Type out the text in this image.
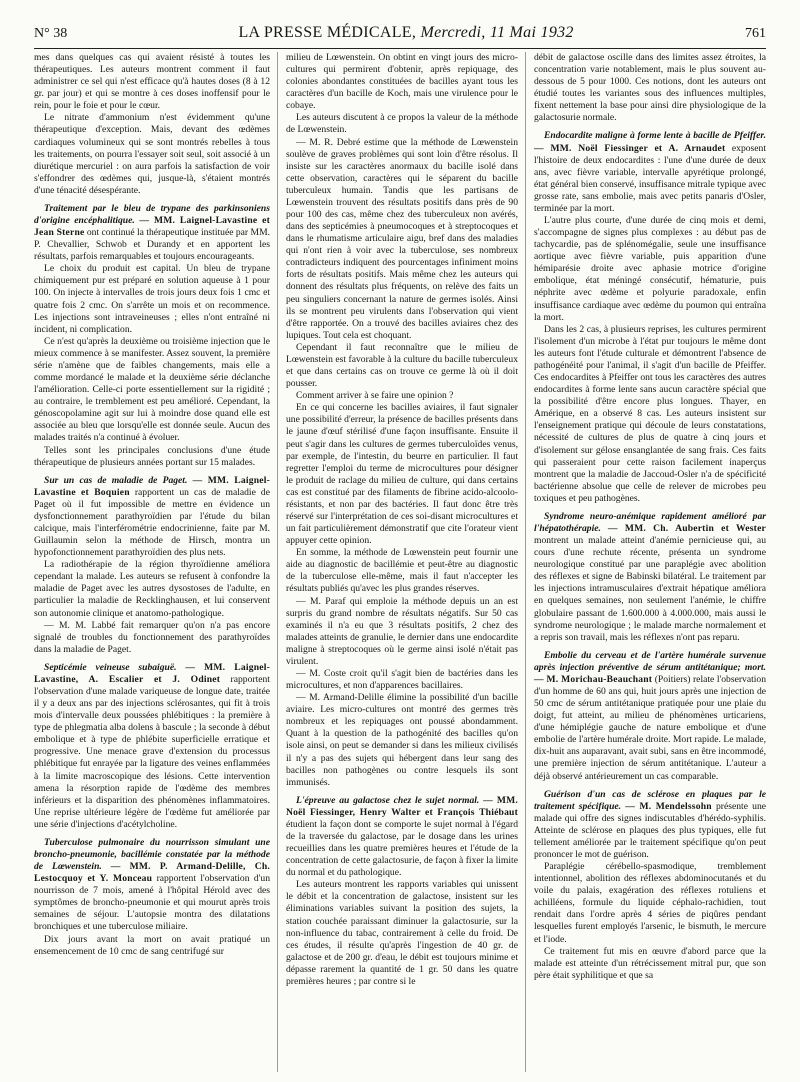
N° 38	LA PRESSE MÉDICALE, Mercredi, 11 Mai 1932	761

mes dans quelques cas qui avaient résisté à toutes les thérapeutiques. Les auteurs montrent comment il faut administrer ce sel qui n'est efficace qu'à hautes doses (8 à 12 gr. par jour) et qui se montre à ces doses inoffensif pour le rein, pour le foie et pour le cœur.

Le nitrate d'ammonium n'est évidemment qu'une thérapeutique d'exception. Mais, devant des œdèmes cardiaques volumineux qui se sont montrés rebelles à tous les traitements, on pourra l'essayer soit seul, soit associé à un diurétique mercuriel : on aura parfois la satisfaction de voir s'effondrer des œdèmes qui, jusque-là, s'étaient montrés d'une ténacité désespérante.

Traitement par le bleu de trypane des parkinsoniens d'origine encéphalitique. — MM. Laignel-Lavastine et Jean Sterne ont continué la thérapeutique instituée par MM. P. Chevallier, Schwob et Durandy et en apportent les résultats, parfois remarquables et toujours encourageants.

Le choix du produit est capital. Un bleu de trypane chimiquement pur est préparé en solution aqueuse à 1 pour 100. On injecte à intervalles de trois jours deux fois 1 cmc et quatre fois 2 cmc. On s'arrête un mois et on recommence. Les injections sont intraveineuses ; elles n'ont entraîné ni incident, ni complication.

Ce n'est qu'après la deuxième ou troisième injection que le mieux commence à se manifester. Assez souvent, la première série n'amène que de faibles changements, mais elle a comme mordancé le malade et la deuxième série déclanche l'amélioration. Celle-ci porte essentiellement sur la rigidité ; au contraire, le tremblement est peu amélioré. Cependant, la génoscopolamine agit sur lui à moindre dose quand elle est associée au bleu que lorsqu'elle est donnée seule. Aucun des malades traités n'a continué à évoluer.

Telles sont les principales conclusions d'une étude thérapeutique de plusieurs années portant sur 15 malades.

Sur un cas de maladie de Paget. — MM. Laignel-Lavastine et Boquien rapportent un cas de maladie de Paget où il fut impossible de mettre en évidence un dysfonctionnement parathyroïdien par l'étude du bilan calcique, mais l'interférométrie endocrinienne, faite par M. Guillaumin selon la méthode de Hirsch, montra un hypofonctionnement parathyroïdien des plus nets.

La radiothérapie de la région thyroïdienne améliora cependant la malade. Les auteurs se refusent à confondre la maladie de Paget avec les autres dysostoses de l'adulte, en particulier la maladie de Recklinghausen, et lui conservent son autonomie clinique et anatomo-pathologique.

— M. M. Labbé fait remarquer qu'on n'a pas encore signalé de troubles du fonctionnement des parathyroïdes dans la maladie de Paget.

Septicémie veineuse subaiguë. — MM. Laignel-Lavastine, A. Escalier et J. Odinet rapportent l'observation d'une malade variqueuse de longue date, traitée il y a deux ans par des injections sclérosantes, qui fit à trois mois d'intervalle deux poussées phlébitiques : la première à type de phlegmatia alba dolens à bascule ; la seconde à début embolique et à type de phlébite superficielle erratique et progressive. Une menace grave d'extension du processus phlébitique fut enrayée par la ligature des veines enflammées à la limite macroscopique des lésions. Cette intervention amena la résorption rapide de l'œdème des membres inférieurs et la disparition des phénomènes inflammatoires. Une reprise ultérieure légère de l'œdème fut améliorée par une série d'injections d'acétylcholine.

Tuberculose pulmonaire du nourrisson simulant une broncho-pneumonie, bacillémie constatée par la méthode de Lœwenstein. — MM. P. Armand-Delille, Ch. Lestocquoy et Y. Monceau rapportent l'observation d'un nourrisson de 7 mois, amené à l'hôpital Hérold avec des symptômes de broncho-pneumonie et qui mourut après trois semaines de séjour. L'autopsie montra des dilatations bronchiques et une tuberculose miliaire.

Dix jours avant la mort on avait pratiqué un ensemencement de 10 cmc de sang centrifugé sur

milieu de Lœwenstein. On obtint en vingt jours des micro-cultures qui permirent d'obtenir, après repiquage, des colonies abondantes constituées de bacilles ayant tous les caractères d'un bacille de Koch, mais une virulence pour le cobaye.

Les auteurs discutent à ce propos la valeur de la méthode de Lœwenstein.

— M. R. Debré estime que la méthode de Lœwenstein soulève de graves problèmes qui sont loin d'être résolus. Il insiste sur les caractères anormaux du bacille isolé dans cette observation, caractères qui le séparent du bacille tuberculeux humain. Tandis que les partisans de Lœwenstein trouvent des résultats positifs dans près de 90 pour 100 des cas, même chez des tuberculeux non avérés, dans des septicémies à pneumocoques et à streptocoques et dans le rhumatisme articulaire aigu, bref dans des maladies qui n'ont rien à voir avec la tuberculose, ses nombreux contradicteurs indiquent des pourcentages infiniment moins forts de résultats positifs. Mais même chez les auteurs qui donnent des résultats plus fréquents, on relève des faits un peu singuliers concernant la nature de germes isolés. Ainsi ils se montrent peu virulents dans l'observation qui vient d'être rapportée. On a trouvé des bacilles aviaires chez des lupiques. Tout cela est choquant.

Cependant il faut reconnaître que le milieu de Lœwenstein est favorable à la culture du bacille tuberculeux et que dans certains cas on trouve ce germe là où il doit pousser.

Comment arriver à se faire une opinion ?

En ce qui concerne les bacilles aviaires, il faut signaler une possibilité d'erreur, la présence de bacilles présents dans le jaune d'œuf stérilisé d'une façon insuffisante. Ensuite il peut s'agir dans les cultures de germes tuberculoïdes venus, par exemple, de l'intestin, du beurre en particulier. Il faut regretter l'emploi du terme de microcultures pour désigner le produit de raclage du milieu de culture, qui dans certains cas est constitué par des filaments de fibrine acido-alcoolo-résistants, et non par des bactéries. Il faut donc être très réservé sur l'interprétation de ces soi-disant microcultures et un fait particulièrement démonstratif que cite l'orateur vient appuyer cette opinion.

En somme, la méthode de Lœwenstein peut fournir une aide au diagnostic de bacillémie et peut-être au diagnostic de la tuberculose elle-même, mais il faut n'accepter les résultats publiés qu'avec les plus grandes réserves.

— M. Paraf qui emploie la méthode depuis un an est surpris du grand nombre de résultats négatifs. Sur 50 cas examinés il n'a eu que 3 résultats positifs, 2 chez des malades atteints de granulie, le dernier dans une endocardite maligne à streptocoques où le germe ainsi isolé n'était pas virulent.

— M. Coste croit qu'il s'agit bien de bactéries dans les microcultures, et non d'apparences bacillaires.

— M. Armand-Delille élimine la possibilité d'un bacille aviaire. Les micro-cultures ont montré des germes très nombreux et les repiquages ont poussé abondamment. Quant à la question de la pathogénité des bacilles qu'on isole ainsi, on peut se demander si dans les milieux civilisés il n'y a pas des sujets qui hébergent dans leur sang des bacilles non pathogènes ou contre lesquels ils sont immunisés.

L'épreuve au galactose chez le sujet normal. — MM. Noël Fiessinger, Henry Walter et François Thiébaut étudient la façon dont se comporte le sujet normal à l'égard de la traversée du galactose, par le dosage dans les urines recueillies dans les quatre premières heures et l'étude de la concentration de cette galactosurie, de façon à fixer la limite du normal et du pathologique.

Les auteurs montrent les rapports variables qui unissent le débit et la concentration de galactose, insistent sur les éliminations variables suivant la position des sujets, la station couchée paraissant diminuer la galactosurie, sur la non-influence du tabac, contrairement à celle du froid. De ces études, il résulte qu'après l'ingestion de 40 gr. de galactose et de 200 gr. d'eau, le débit est toujours minime et dépasse rarement la quantité de 1 gr. 50 dans les quatre premières heures ; par contre si le

débit de galactose oscille dans des limites assez étroites, la concentration varie notablement, mais le plus souvent au-dessous de 5 pour 1000. Ces notions, dont les auteurs ont étudié toutes les variantes sous des influences multiples, fixent nettement la base pour ainsi dire physiologique de la galactosurie normale.

Endocardite maligne à forme lente à bacille de Pfeiffer. — MM. Noël Fiessinger et A. Arnaudet exposent l'histoire de deux endocardites : l'une d'une durée de deux ans, avec fièvre variable, intervalle apyrétique prolongé, état général bien conservé, insuffisance mitrale typique avec grosse rate, sans embolie, mais avec petits panaris d'Osler, terminée par la mort.

L'autre plus courte, d'une durée de cinq mois et demi, s'accompagne de signes plus complexes : au début pas de tachycardie, pas de splénomégalie, seule une insuffisance aortique avec fièvre variable, puis apparition d'une hémiparésie droite avec aphasie motrice d'origine embolique, état méningé consécutif, hématurie, puis néphrite avec œdème et polyurie paradoxale, enfin insuffisance cardiaque avec œdème du poumon qui entraîna la mort.

Dans les 2 cas, à plusieurs reprises, les cultures permirent l'isolement d'un microbe à l'état pur toujours le même dont les auteurs font l'étude culturale et démontrent l'absence de pathogénéité pour l'animal, il s'agit d'un bacille de Pfeiffer. Ces endocardites à Pfeiffer ont tous les caractères des autres endocardites à forme lente sans aucun caractère spécial que la possibilité d'être encore plus longues. Thayer, en Amérique, en a observé 8 cas. Les auteurs insistent sur l'enseignement pratique qui découle de leurs constatations, nécessité de cultures de plus de quatre à cinq jours et d'isolement sur gélose ensanglantée de sang frais. Ces faits qui passeraient pour cette raison facilement inaperçus montrent que la maladie de Jaccoud-Osler n'a de spécificité bactérienne absolue que celle de relever de microbes peu toxiques et peu pathogènes.

Syndrome neuro-anémique rapidement amélioré par l'hépatothérapie. — MM. Ch. Aubertin et Wester montrent un malade atteint d'anémie pernicieuse qui, au cours d'une rechute récente, présenta un syndrome neurologique constitué par une paraplégie avec abolition des réflexes et signe de Babinski bilatéral. Le traitement par les injections intramusculaires d'extrait hépatique améliora en quelques semaines, non seulement l'anémie, le chiffre globulaire passant de 1.600.000 à 4.000.000, mais aussi le syndrome neurologique ; le malade marche normalement et a repris son travail, mais les réflexes n'ont pas reparu.

Embolie du cerveau et de l'artère humérale survenue après injection préventive de sérum antitétanique; mort. — M. Morichau-Beauchant (Poitiers) relate l'observation d'un homme de 60 ans qui, huit jours après une injection de 50 cmc de sérum antitétanique pratiquée pour une plaie du doigt, fut atteint, au milieu de phénomènes urticariens, d'une hémiplégie gauche de nature embolique et d'une embolie de l'artère humérale droite. Mort rapide. Le malade, dix-huit ans auparavant, avait subi, sans en être incommodé, une première injection de sérum antitétanique. L'auteur a déjà observé antérieurement un cas comparable.

Guérison d'un cas de sclérose en plaques par le traitement spécifique. — M. Mendelssohn présente une malade qui offre des signes indiscutables d'hérédo-syphilis. Atteinte de sclérose en plaques des plus typiques, elle fut tellement améliorée par le traitement spécifique qu'on peut prononcer le mot de guérison.

Paraplégie cérébello-spasmodique, tremblement intentionnel, abolition des réflexes abdominocutanés et du voile du palais, exagération des réflexes rotuliens et achilléens, formule du liquide céphalo-rachidien, tout rendait dans l'ordre après 4 séries de piqûres pendant lesquelles furent employés l'arsenic, le bismuth, le mercure et l'iode.

Ce traitement fut mis en œuvre d'abord parce que la malade est atteinte d'un rétrécissement mitral pur, que son père était syphilitique et que sa
